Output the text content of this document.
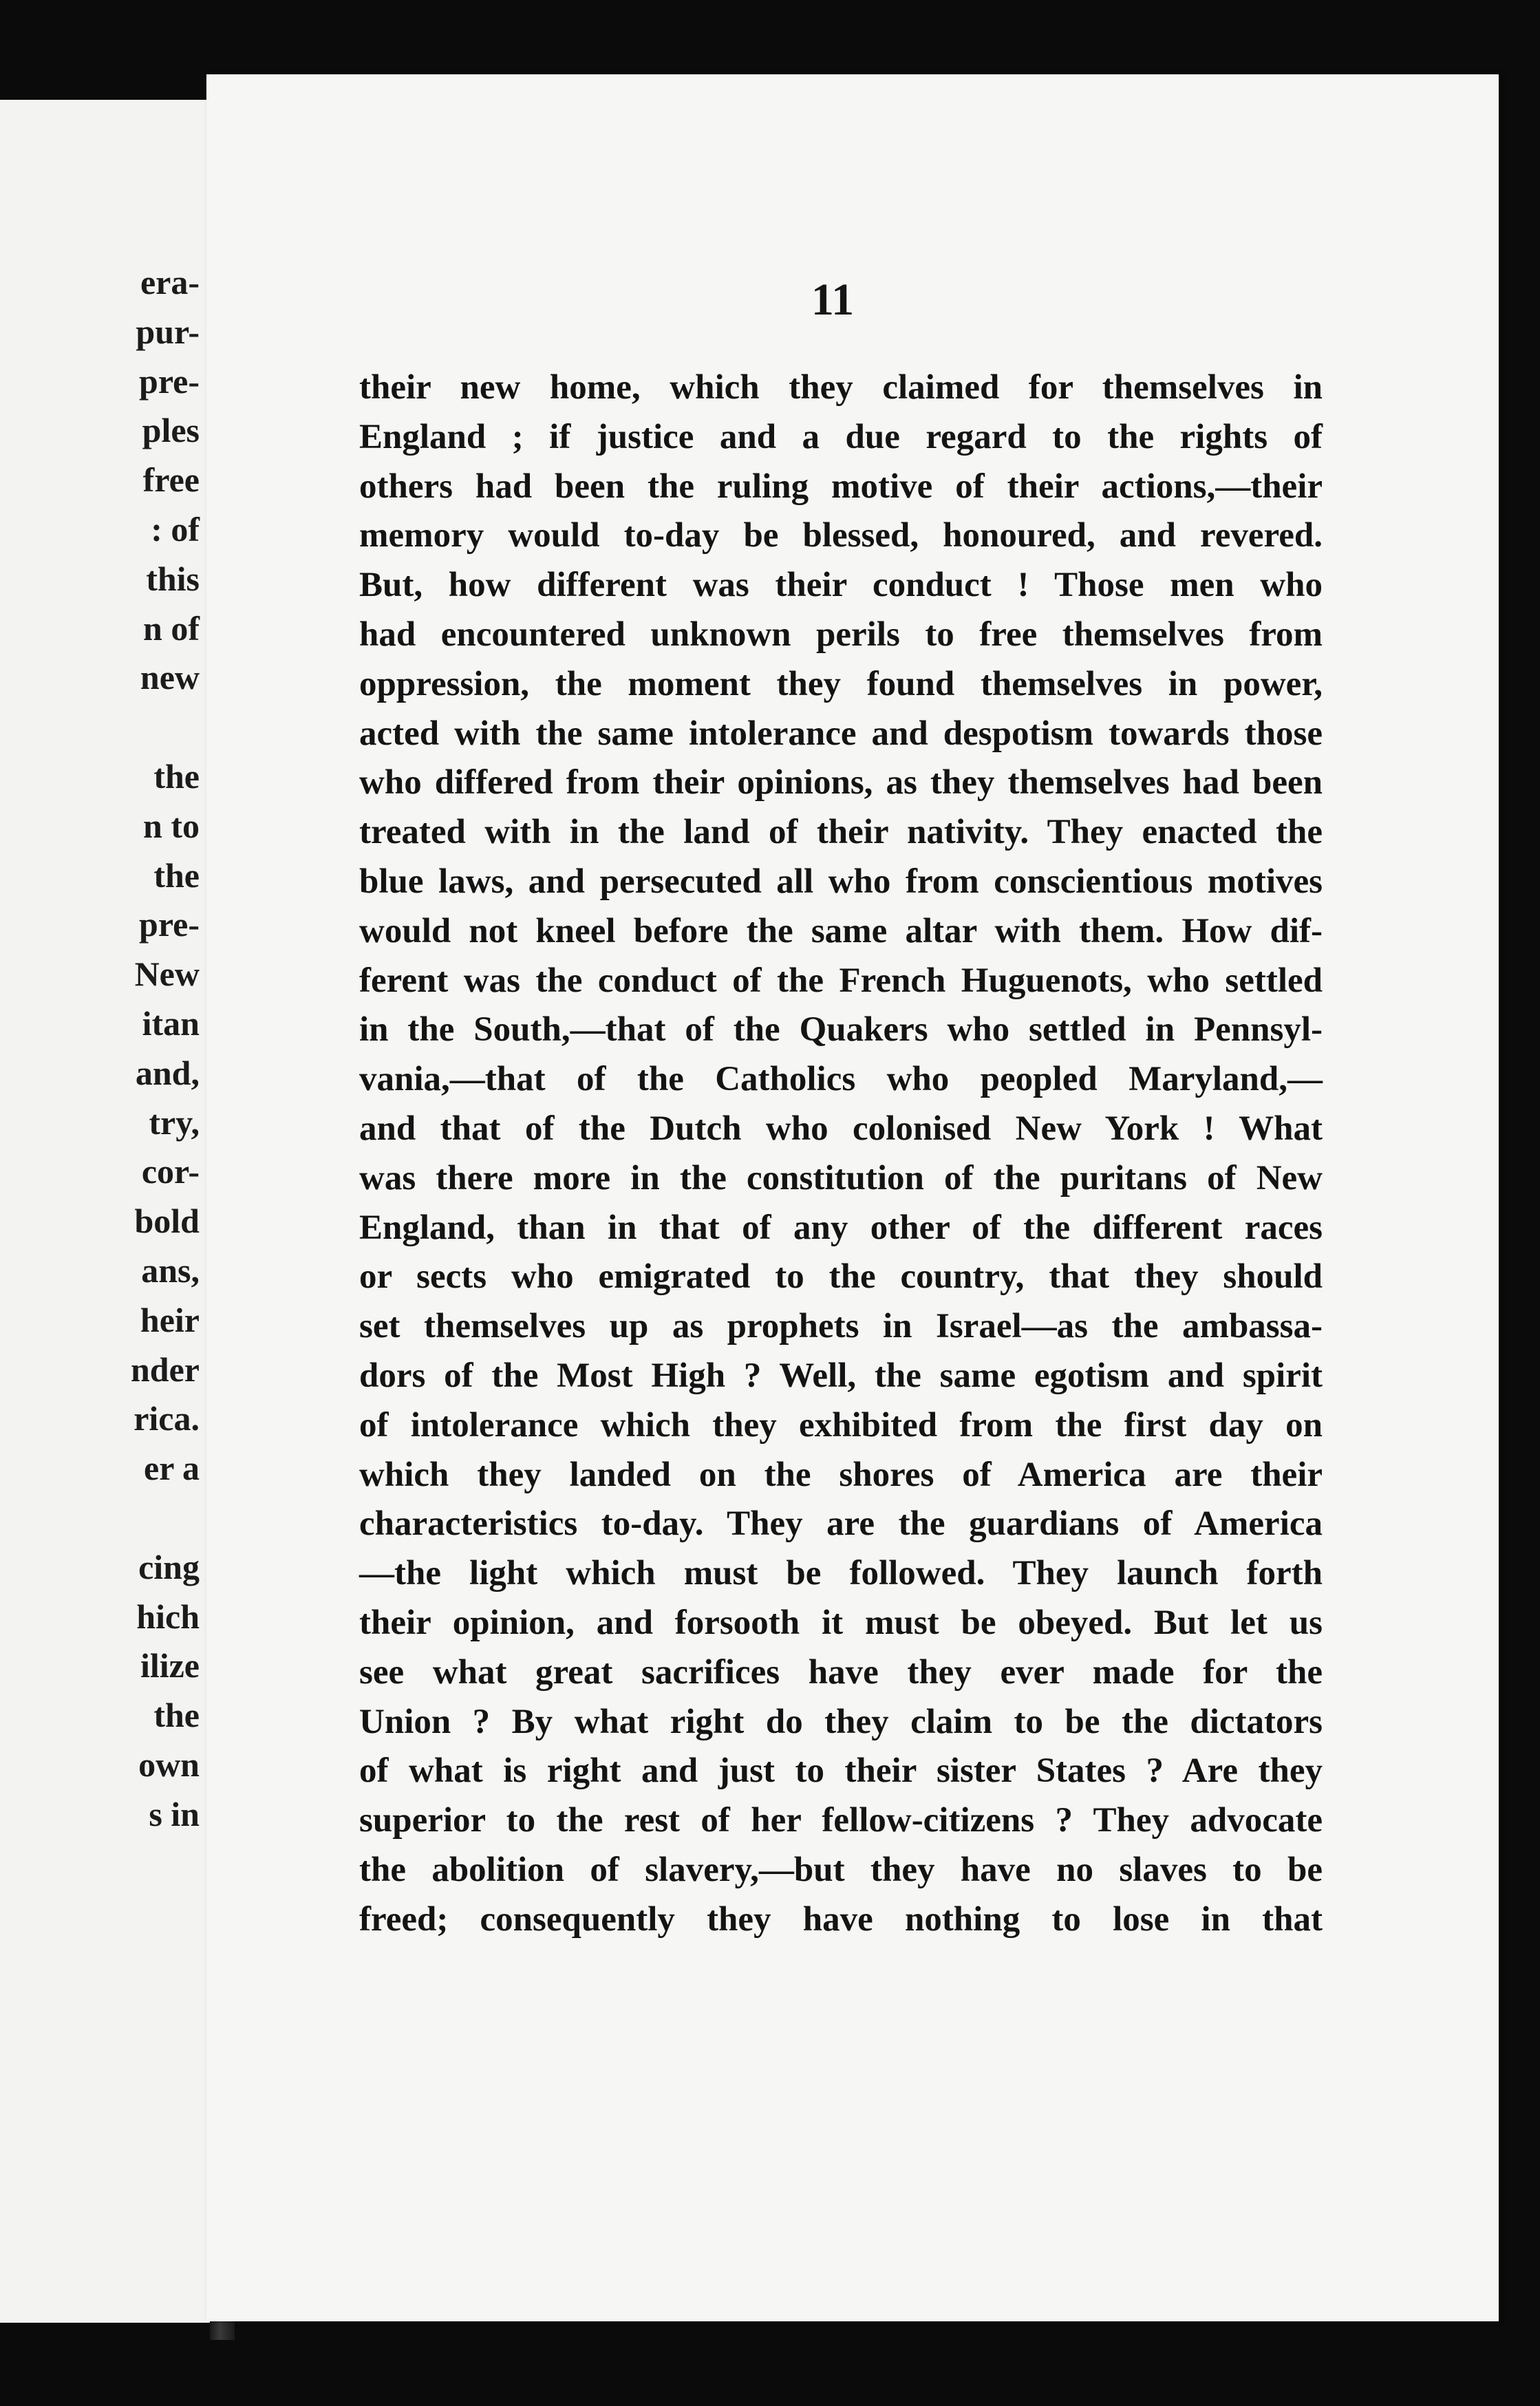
era-
pur-
pre-
ples
free
: of
this
n of
new
the
n to
the
pre-
New
itan
and,
try,
cor-
bold
ans,
heir
nder
rica.
er a
cing
hich
ilize
the
own
s in
11
their new home, which they claimed for themselves in
England ; if justice and a due regard to the rights of
others had been the ruling motive of their actions,—their
memory would to-day be blessed, honoured, and revered.
But, how different was their conduct ! Those men who
had encountered unknown perils to free themselves from
oppression, the moment they found themselves in power,
acted with the same intolerance and despotism towards those
who differed from their opinions, as they themselves had been
treated with in the land of their nativity. They enacted the
blue laws, and persecuted all who from conscientious motives
would not kneel before the same altar with them. How dif-
ferent was the conduct of the French Huguenots, who settled
in the South,—that of the Quakers who settled in Pennsyl-
vania,—that of the Catholics who peopled Maryland,—
and that of the Dutch who colonised New York ! What
was there more in the constitution of the puritans of New
England, than in that of any other of the different races
or sects who emigrated to the country, that they should
set themselves up as prophets in Israel—as the ambassa-
dors of the Most High ? Well, the same egotism and spirit
of intolerance which they exhibited from the first day on
which they landed on the shores of America are their
characteristics to-day. They are the guardians of America
—the light which must be followed. They launch forth
their opinion, and forsooth it must be obeyed. But let us
see what great sacrifices have they ever made for the
Union ? By what right do they claim to be the dictators
of what is right and just to their sister States ? Are they
superior to the rest of her fellow-citizens ? They advocate
the abolition of slavery,—but they have no slaves to be
freed; consequently they have nothing to lose in that
